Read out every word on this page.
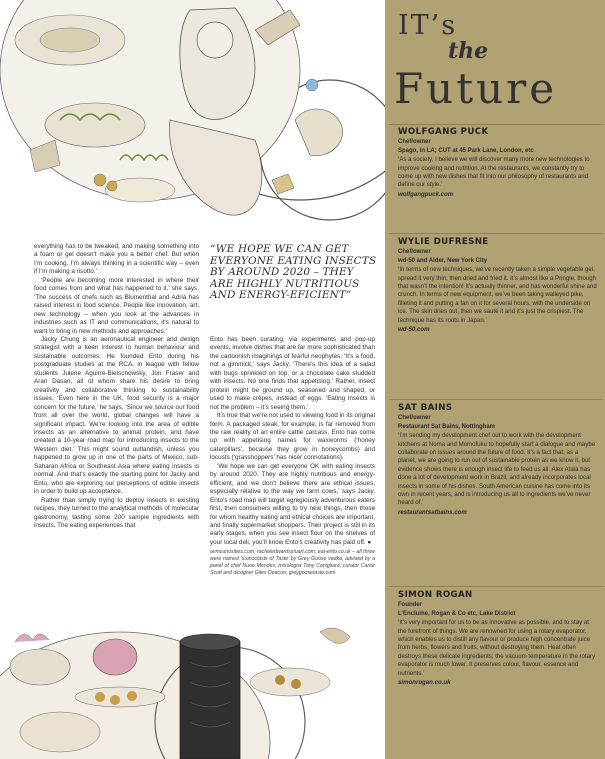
everything has to be tweaked, and making something into a foam or gel doesn’t make you a better chef. But when I’m cooking, I’m always thinking in a scientific way – even if I’m making a risotto.’

‘People are becoming more interested in where their food comes from and what has happened to it,’ she says. ‘The success of chefs such as Blumenthal and Adrià has raised interest in food science. People like innovation, art, new technology – when you look at the advances in industries such as IT and communications, it’s natural to want to bring in new methods and approaches.’

Jacky Chung is an aeronautical engineer and design strategist with a keen interest in human behaviour and sustainable outcomes. He founded Ento during his postgraduate studies at the RCA, in league with fellow students Julene Aguirre-Bielschowsky, Jon Fraser and Aran Dasan, all of whom share his desire to bring creativity and collaborative thinking to sustainability issues. ‘Even here in the UK, food security is a major concern for the future,’ he says. ‘Since we source our food from all over the world, global changes will have a significant impact. We’re looking into the area of edible insects as an alternative to animal protein, and have created a 10-year road map for introducing insects to the Western diet.’ This might sound outlandish, unless you happened to grow up in one of the parts of Mexico, sub-Saharan Africa or Southeast Asia where eating insects is normal. And that’s exactly the starting point for Jacky and Ento, who are exploring our perceptions of edible insects in order to build up acceptance.

Rather than simply trying to deploy insects in existing recipes, they turned to the analytical methods of molecular gastronomy, tasting some 200 sample ingredients with insects. The eating experiences that

“WE HOPE WE CAN GET EVERYONE EATING INSECTS BY AROUND 2020 – THEY ARE HIGHLY NUTRITIOUS AND ENERGY-EFICIENT”

Ento has been curating, via experiments and pop-up events, involve dishes that are far more sophisticated than the cartoonish imaginings of fearful neophytes. ‘It’s a food, not a gimmick,’ says Jacky. ‘There’s this idea of a salad with bugs sprinkled on top, or a chocolate cake studded with insects. No one finds that appetising.’ Rather, insect protein might be ground up, seasoned and shaped, or used to make crêpes, instead of eggs. ‘Eating insects is not the problem – it’s seeing them.’

It’s true that we’re not used to viewing food in its original form. A packaged steak, for example, is far removed from the raw reality of an entire cattle carcass. Ento has come up with appetising names for waxworms (‘honey caterpillars’, because they grow in honeycombs) and locusts (‘grasshoppers’ has nicer connotations).

‘We hope we can get everyone OK with eating insects by around 2020. They are highly nutritious and energy-efficient, and we don’t believe there are ethical issues, especially relative to the way we farm cows,’ says Jacky. Ento’s road map will target egregiously adventurous eaters first, then consumers willing to try new things, then those for whom healthy eating and ethical choices are important, and finally supermarket shoppers. Their project is still in its early stages; when you see insect flour on the shelves of your local deli, you’ll know Ento’s creativity has paid off. ●

avmcuriosities.com; racheledwardsstuart.com; eat-ento.co.uk – all three were named ‘Iconoclasts of Taste’ by Grey Goose vodka, advised by a panel of chef Nuno Mendes, mixologist Tony Conigliaro, curator Carrie Scott and designer Giles Deacon; greygoosetaste.com

IT’s
the
Future
WOLFGANG PUCK
Chef/owner
Spago, in LA; CUT at 45 Park Lane, London, etc
‘As a society, I believe we will discover many more new technologies to improve cooking and nutrition. At the restaurants, we constantly try to come up with new dishes that fit into our philosophy of restaurants and define our style.’
wolfgangpuck.com
WYLIE DUFRESNE
Chef/owner
wd-50 and Alder, New York City
‘In terms of new techniques, we’ve recently taken a simple vegetable gel, spread it very thin, then dried and fried it. It’s almost like a Pringle, though that wasn’t the intention! It’s actually thinner, and has wonderful shine and crunch. In terms of new equipment, we’ve been taking walleyed pike, filleting it and putting a fan on it for several hours, with the underside on ice. The skin dries out, then we sauté it and it’s just the crispiest. The technique has its roots in Japan.’
wd-50.com
SAT BAINS
Chef/owner
Restaurant Sat Bains, Nottingham
‘I’m sending my development chef out to work with the development kitchens at Noma and Momofuku to hopefully start a dialogue and maybe collaborate on issues around the future of food. It’s a fact that, as a planet, we are going to run out of sustainable protein as we know it, but evidence shows there is enough insect life to feed us all. Alex Atala has done a lot of development work in Brazil, and already incorporates local insects in some of his dishes. South American cuisine has come into its own in recent years, and is introducing us all to ingredients we’ve never heard of.’
restaurantsatbains.com
SIMON ROGAN
Founder
L’Enclume, Rogan & Co etc, Lake District
‘It’s very important for us to be as innovative as possible, and to stay at the forefront of things. We are renowned for using a rotary evaporator, which enables us to distill any flavour or produce high concentrate juice from herbs, flowers and fruits, without destroying them. Heat often destroys these delicate ingredients; the vacuum temperature in the rotary evaporator is much lower. It preserves colour, flavour, essence and nutrients.’
simonrogan.co.uk
